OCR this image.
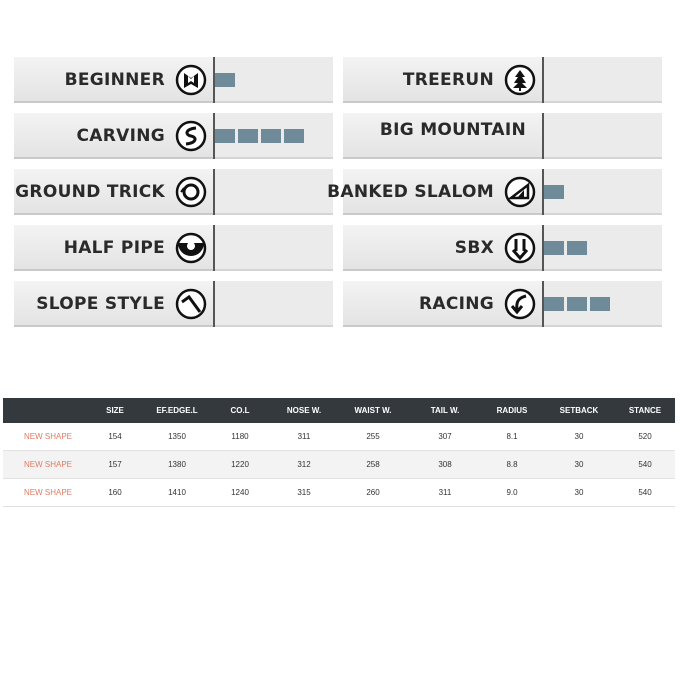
BEGINNER
CARVING
GROUND TRICK
HALF PIPE
SLOPE STYLE
TREERUN
BIG MOUNTAIN
BANKED SLALOM
SBX
RACING
	SIZE	EF.EDGE.L	CO.L	NOSE W.	WAIST W.	TAIL W.	RADIUS	SETBACK	STANCE
NEW SHAPE	154	1350	1180	311	255	307	8.1	30	520
NEW SHAPE	157	1380	1220	312	258	308	8.8	30	540
NEW SHAPE	160	1410	1240	315	260	311	9.0	30	540
